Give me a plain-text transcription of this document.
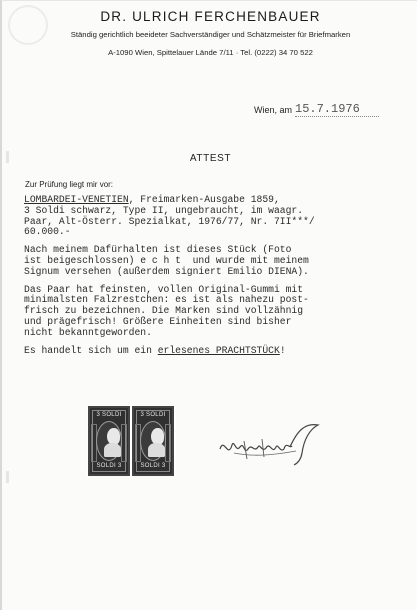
DR. ULRICH FERCHENBAUER
Ständig gerichtlich beeideter Sachverständiger und Schätzmeister für Briefmarken
A-1090 Wien, Spittelauer Lände 7/11 · Tel. (0222) 34 70 522
Wien, am 15.7.1976
ATTEST
Zur Prüfung liegt mir vor:

LOMBARDEI-VENETIEN, Freimarken-Ausgabe 1859,
3 Soldi schwarz, Type II, ungebraucht, im waagr.
Paar, Alt-Österr. Spezialkat, 1976/77, Nr. 7II***/
60.000.-

Nach meinem Dafürhalten ist dieses Stück (Foto
ist beigeschlossen) e c h t  und wurde mit meinem
Signum versehen (außerdem signiert Emilio DIENA).

Das Paar hat feinsten, vollen Original-Gummi mit
minimalsten Falzrestchen: es ist als nahezu post-
frisch zu bezeichnen. Die Marken sind vollzähnig
und prägefrisch! Größere Einheiten sind bisher
nicht bekanntgeworden.

Es handelt sich um ein erlesenes PRACHTSTÜCK!

3 SOLDI
SOLDI 3
3 SOLDI
SOLDI 3
